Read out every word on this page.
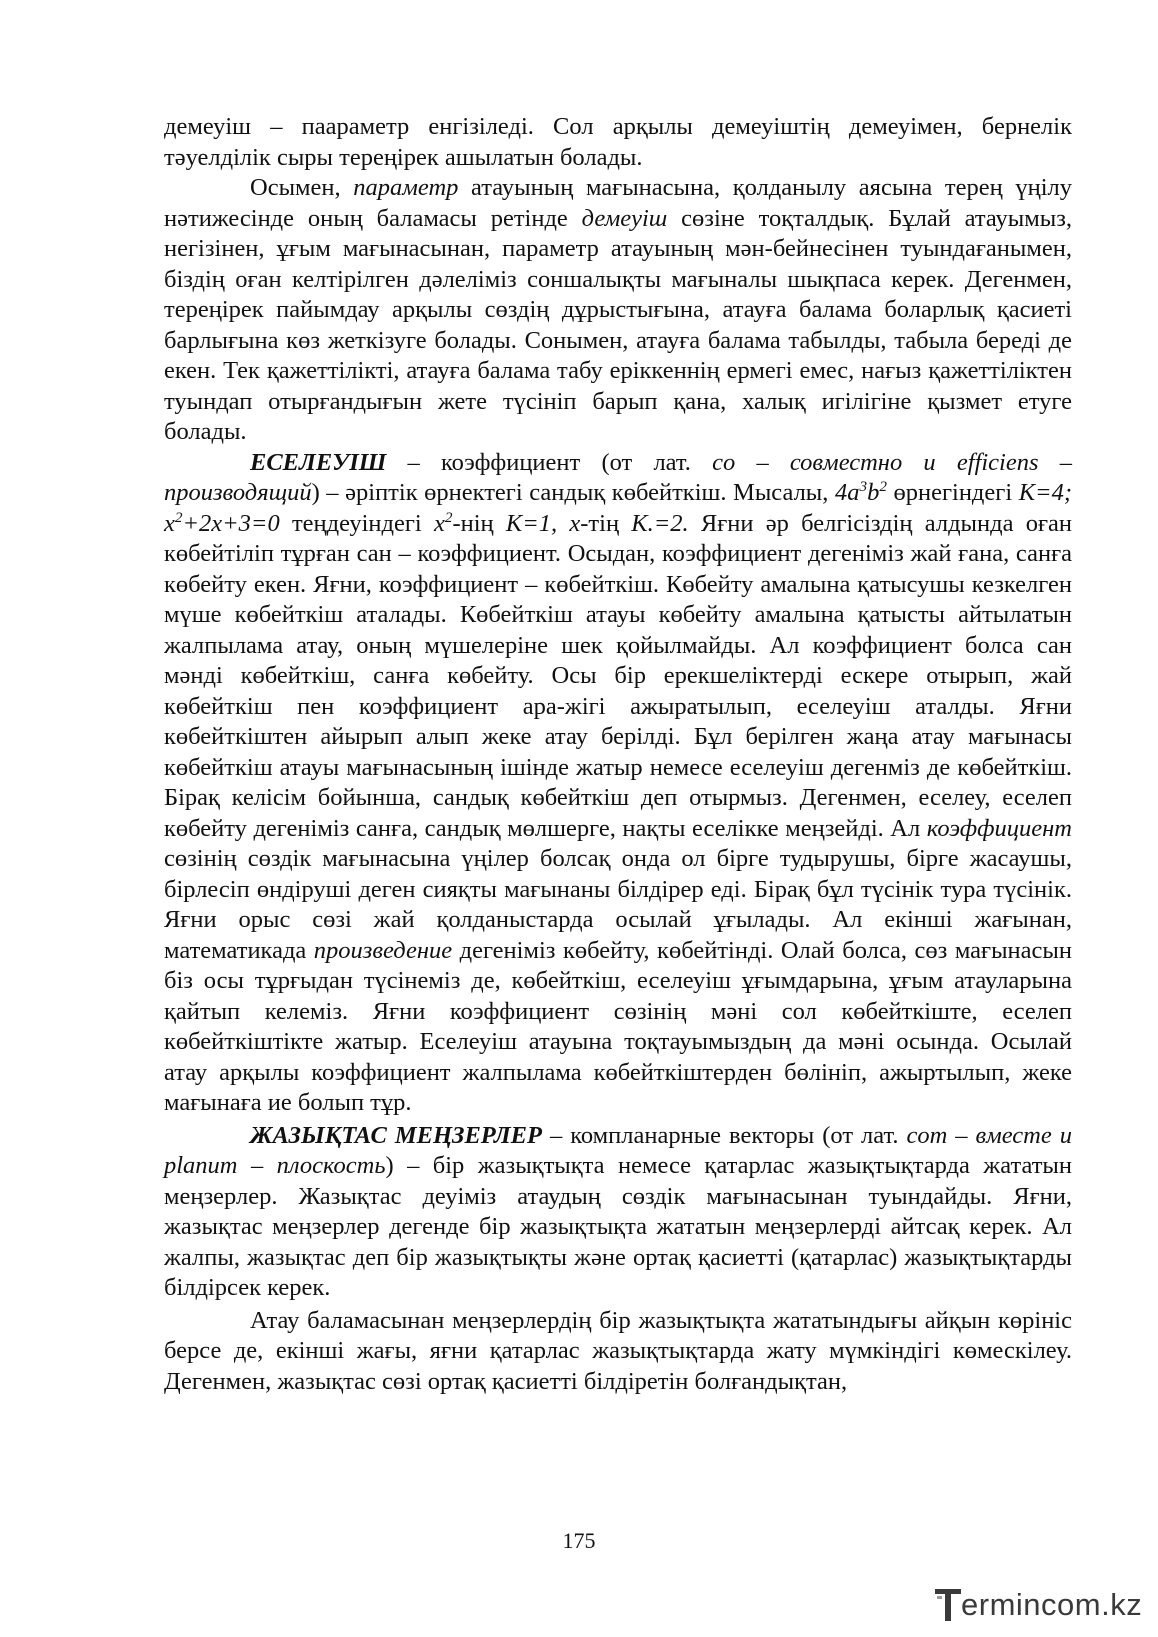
демеуіш – паараметр енгізіледі. Сол арқылы демеуіштің демеуімен, бернелік тәуелділік сыры тереңірек ашылатын болады.

Осымен, параметр атауының мағынасына, қолданылу аясына терең үңілу нәтижесінде оның баламасы ретінде демеуіш сөзіне тоқталдық. Бұлай атауымыз, негізінен, ұғым мағынасынан, параметр атауының мән-бейнесінен туындағанымен, біздің оған келтірілген дәлеліміз соншалықты мағыналы шықпаса керек. Дегенмен, тереңірек пайымдау арқылы сөздің дұрыстығына, атауға балама боларлық қасиеті барлығына көз жеткізуге болады. Сонымен, атауға балама табылды, табыла береді де екен. Тек қажеттілікті, атауға балама табу еріккеннің ермегі емес, нағыз қажеттіліктен туындап отырғандығын жете түсініп барып қана, халық игілігіне қызмет етуге болады.

ЕСЕЛЕУІШ – коэффициент (от лат. co – совместно и efficiens – производящий) – әріптік өрнектегі сандық көбейткіш. Мысалы, $4a^3b^2$ өрнегіндегі K=4; $x^2+2x+3=0$ теңдеуіндегі $x^2$-нің K=1, x-тің K.=2. Яғни әр белгісіздің алдында оған көбейтіліп тұрған сан – коэффициент. Осыдан, коэффициент дегеніміз жай ғана, санға көбейту екен. Яғни, коэффициент – көбейткіш. Көбейту амалына қатысушы кезкелген мүше көбейткіш аталады. Көбейткіш атауы көбейту амалына қатысты айтылатын жалпылама атау, оның мүшелеріне шек қойылмайды. Ал коэффициент болса сан мәнді көбейткіш, санға көбейту. Осы бір ерекшеліктерді ескере отырып, жай көбейткіш пен коэффициент ара-жігі ажыратылып, еселеуіш аталды. Яғни көбейткіштен айырып алып жеке атау берілді. Бұл берілген жаңа атау мағынасы көбейткіш атауы мағынасының ішінде жатыр немесе еселеуіш дегенміз де көбейткіш. Бірақ келісім бойынша, сандық көбейткіш деп отырмыз. Дегенмен, еселеу, еселеп көбейту дегеніміз санға, сандық мөлшерге, нақты еселікке меңзейді. Ал коэффициент сөзінің сөздік мағынасына үңілер болсақ онда ол бірге тудырушы, бірге жасаушы, бірлесіп өндіруші деген сияқты мағынаны білдірер еді. Бірақ бұл түсінік тура түсінік. Яғни орыс сөзі жай қолданыстарда осылай ұғылады. Ал екінші жағынан, математикада произведение дегеніміз көбейту, көбейтінді. Олай болса, сөз мағынасын біз осы тұрғыдан түсінеміз де, көбейткіш, еселеуіш ұғымдарына, ұғым атауларына қайтып келеміз. Яғни коэффициент сөзінің мәні сол көбейткіште, еселеп көбейткіштікте жатыр. Еселеуіш атауына тоқтауымыздың да мәні осында. Осылай атау арқылы коэффициент жалпылама көбейткіштерден бөлініп, ажыртылып, жеке мағынаға ие болып тұр.

ЖАЗЫҚТАС МЕҢЗЕРЛЕР – компланарные векторы (от лат. com – вместе и planum – плоскость) – бір жазықтықта немесе қатарлас жазықтықтарда жататын меңзерлер. Жазықтас деуіміз атаудың сөздік мағынасынан туындайды. Яғни, жазықтас меңзерлер дегенде бір жазықтықта жататын меңзерлерді айтсақ керек. Ал жалпы, жазықтас деп бір жазықтықты және ортақ қасиетті (қатарлас) жазықтықтарды білдірсек керек.

Атау баламасынан меңзерлердің бір жазықтықта жататындығы айқын көрініс берсе де, екінші жағы, яғни қатарлас жазықтықтарда жату мүмкіндігі көмескілеу. Дегенмен, жазықтас сөзі ортақ қасиетті білдіретін болғандықтан,

175
ermincom.kz
